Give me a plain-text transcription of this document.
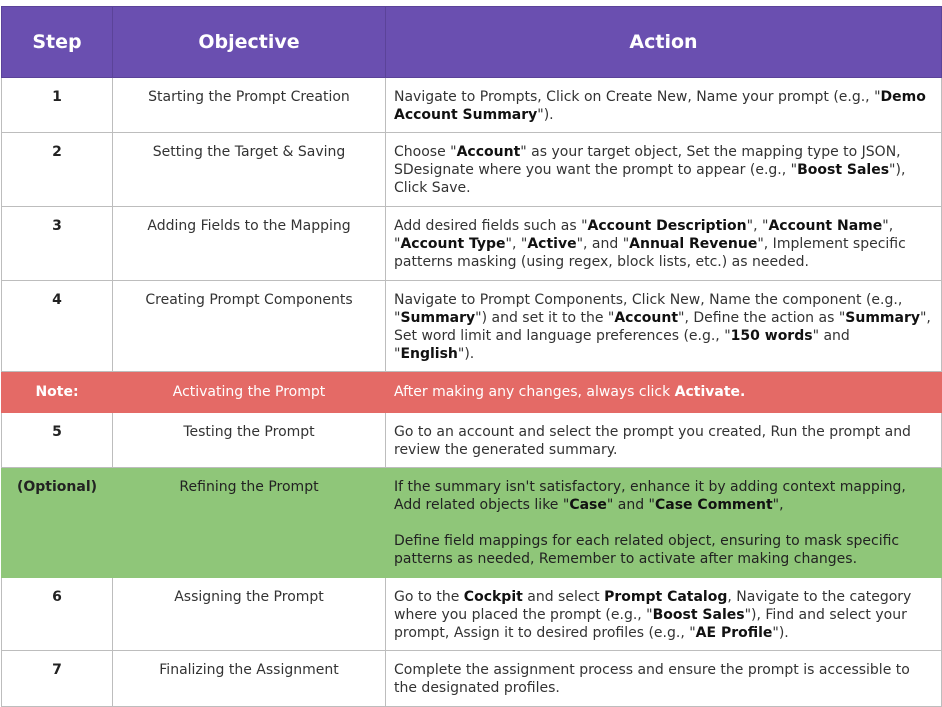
Step	Objective	Action
1	Starting the Prompt Creation	Navigate to Prompts, Click on Create New, Name your prompt (e.g., "Demo Account Summary").

2	Setting the Target & Saving	Choose "Account" as your target object, Set the mapping type to JSON, SDesignate where you want the prompt to appear (e.g., "Boost Sales"), Click Save.

3	Adding Fields to the Mapping	Add desired fields such as "Account Description", "Account Name", "Account Type", "Active", and "Annual Revenue", Implement specific patterns masking (using regex, block lists, etc.) as needed.

4	Creating Prompt Components	Navigate to Prompt Components, Click New, Name the component (e.g., "Summary") and set it to the "Account", Define the action as "Summary", Set word limit and language preferences (e.g., "150 words" and "English").

Note:	Activating the Prompt	After making any changes, always click Activate.

5	Testing the Prompt	Go to an account and select the prompt you created, Run the prompt and review the generated summary.

(Optional)	Refining the Prompt	If the summary isn't satisfactory, enhance it by adding context mapping, Add related objects like "Case" and "Case Comment",
Define field mappings for each related object, ensuring to mask specific patterns as needed, Remember to activate after making changes.

6	Assigning the Prompt	Go to the Cockpit and select Prompt Catalog, Navigate to the category where you placed the prompt (e.g., "Boost Sales"), Find and select your prompt, Assign it to desired profiles (e.g., "AE Profile").

7	Finalizing the Assignment	Complete the assignment process and ensure the prompt is accessible to the designated profiles.
